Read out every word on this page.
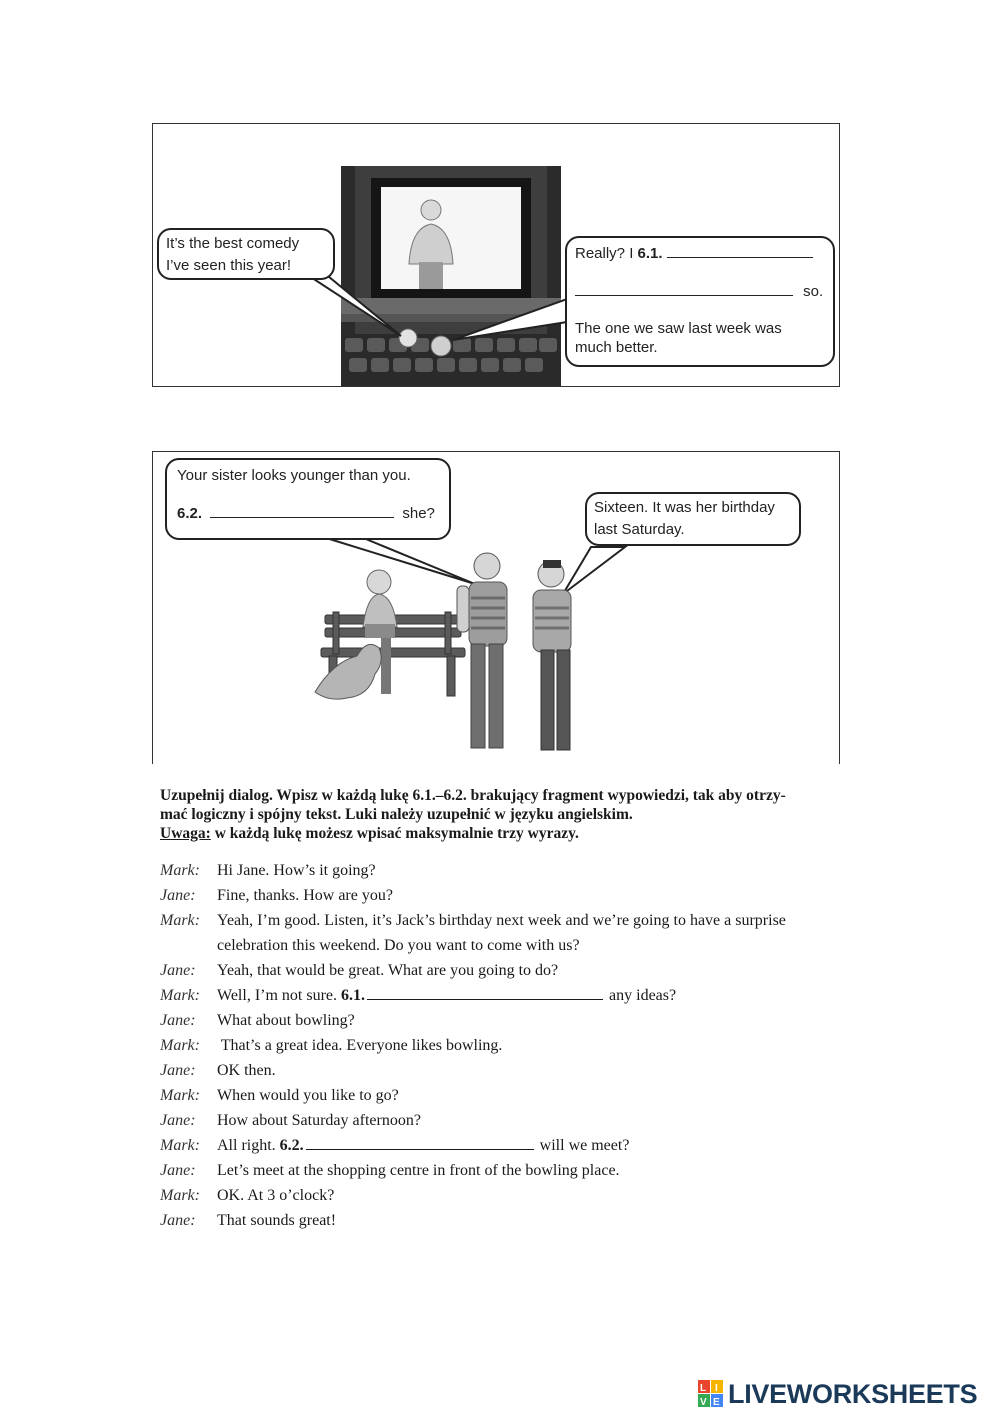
It’s the best comedy
I’ve seen this year!
Really? I 6.1.
so.
The one we saw last week was
much better.
Your sister looks younger than you.
6.2.	she?	Sixteen. It was her birthday
last Saturday.
Uzupełnij dialog. Wpisz w każdą lukę 6.1.–6.2. brakujący fragment wypowiedzi, tak aby otrzy-
mać logiczny i spójny tekst. Luki należy uzupełnić w języku angielskim.
Uwaga: w każdą lukę możesz wpisać maksymalnie trzy wyrazy.
Mark:	Hi Jane. How’s it going?
Jane:	Fine, thanks. How are you?
Mark:	Yeah, I’m good. Listen, it’s Jack’s birthday next week and we’re going to have a surprise
celebration this weekend. Do you want to come with us?
Jane:	Yeah, that would be great. What are you going to do?
Mark:	Well, I’m not sure. 6.1.	any ideas?
Jane:	What about bowling?
Mark:	That’s a great idea. Everyone likes bowling.
Jane:	OK then.
Mark:	When would you like to go?
Jane:	How about Saturday afternoon?
Mark:	All right. 6.2.	will we meet?
Jane:	Let’s meet at the shopping centre in front of the bowling place.
Mark:	OK. At 3 o’clock?
Jane:	That sounds great!
L I
V E LIVEWORKSHEETS
